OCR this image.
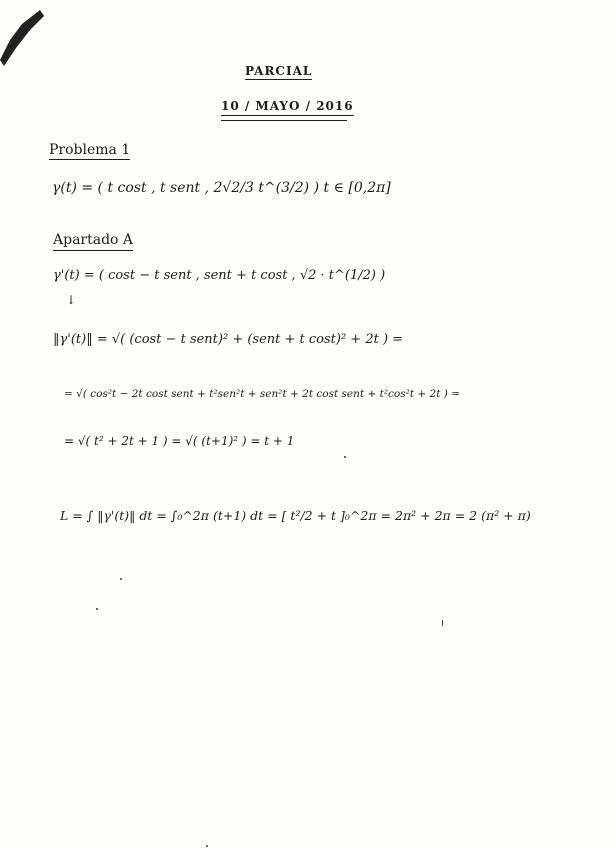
PARCIAL
10 / MAYO / 2016
Problema 1
γ(t) = ( t cost , t sent , 2√2/3 t^(3/2) ) t ∈ [0,2π]
Apartado A
γ'(t) = ( cost − t sent , sent + t cost , √2 · t^(1/2) )
↓
‖γ'(t)‖ = √( (cost − t sent)² + (sent + t cost)² + 2t ) =
= √( cos²t − 2t cost sent + t²sen²t + sen²t + 2t cost sent + t²cos²t + 2t ) =
= √( t² + 2t + 1 ) = √( (t+1)² ) = t + 1
L = ∫ ‖γ'(t)‖ dt = ∫₀^2π (t+1) dt = [ t²/2 + t ]₀^2π = 2π² + 2π = 2 (π² + π)
